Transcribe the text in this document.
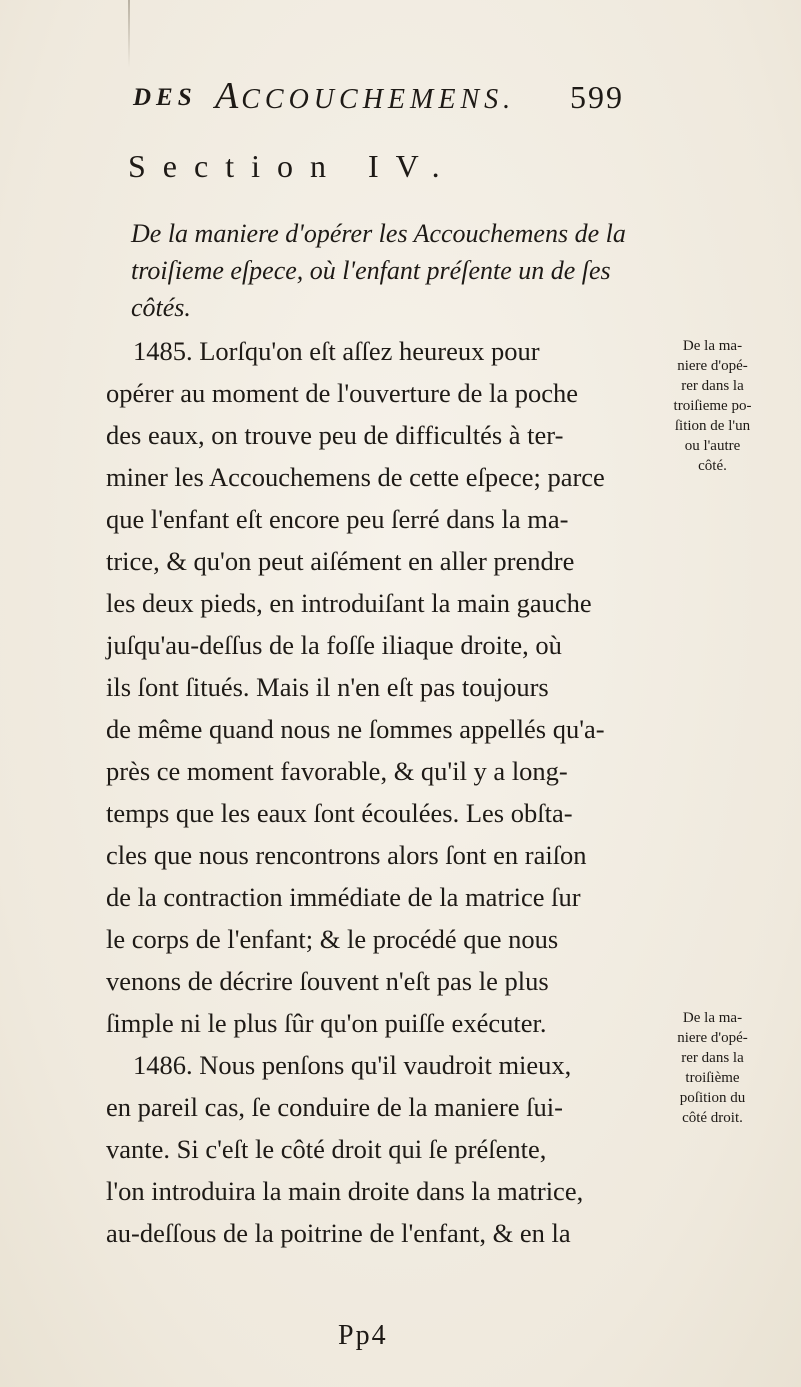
DES ACCOUCHEMENS. 599
Section IV.

De la maniere d'opérer les Accouchemens de la troiſieme eſpece, où l'enfant préſente un de ſes côtés.

1485. Lorſqu'on eſt aſſez heureux pour
opérer au moment de l'ouverture de la poche
des eaux, on trouve peu de difficultés à ter-
miner les Accouchemens de cette eſpece; parce
que l'enfant eſt encore peu ſerré dans la ma-
trice, & qu'on peut aiſément en aller prendre
les deux pieds, en introduiſant la main gauche
juſqu'au-deſſus de la foſſe iliaque droite, où
ils ſont ſitués. Mais il n'en eſt pas toujours
de même quand nous ne ſommes appellés qu'a-
près ce moment favorable, & qu'il y a long-
temps que les eaux ſont écoulées. Les obſta-
cles que nous rencontrons alors ſont en raiſon
de la contraction immédiate de la matrice ſur
le corps de l'enfant; & le procédé que nous
venons de décrire ſouvent n'eſt pas le plus
ſimple ni le plus ſûr qu'on puiſſe exécuter.
1486. Nous penſons qu'il vaudroit mieux,
en pareil cas, ſe conduire de la maniere ſui-
vante. Si c'eſt le côté droit qui ſe préſente,
l'on introduira la main droite dans la matrice,
au-deſſous de la poitrine de l'enfant, & en la
De la ma-
niere d'opé-
rer dans la
troiſieme po-
ſition de l'un
ou l'autre
côté.
De la ma-
niere d'opé-
rer dans la
troiſième
poſition du
côté droit.
Pp4
